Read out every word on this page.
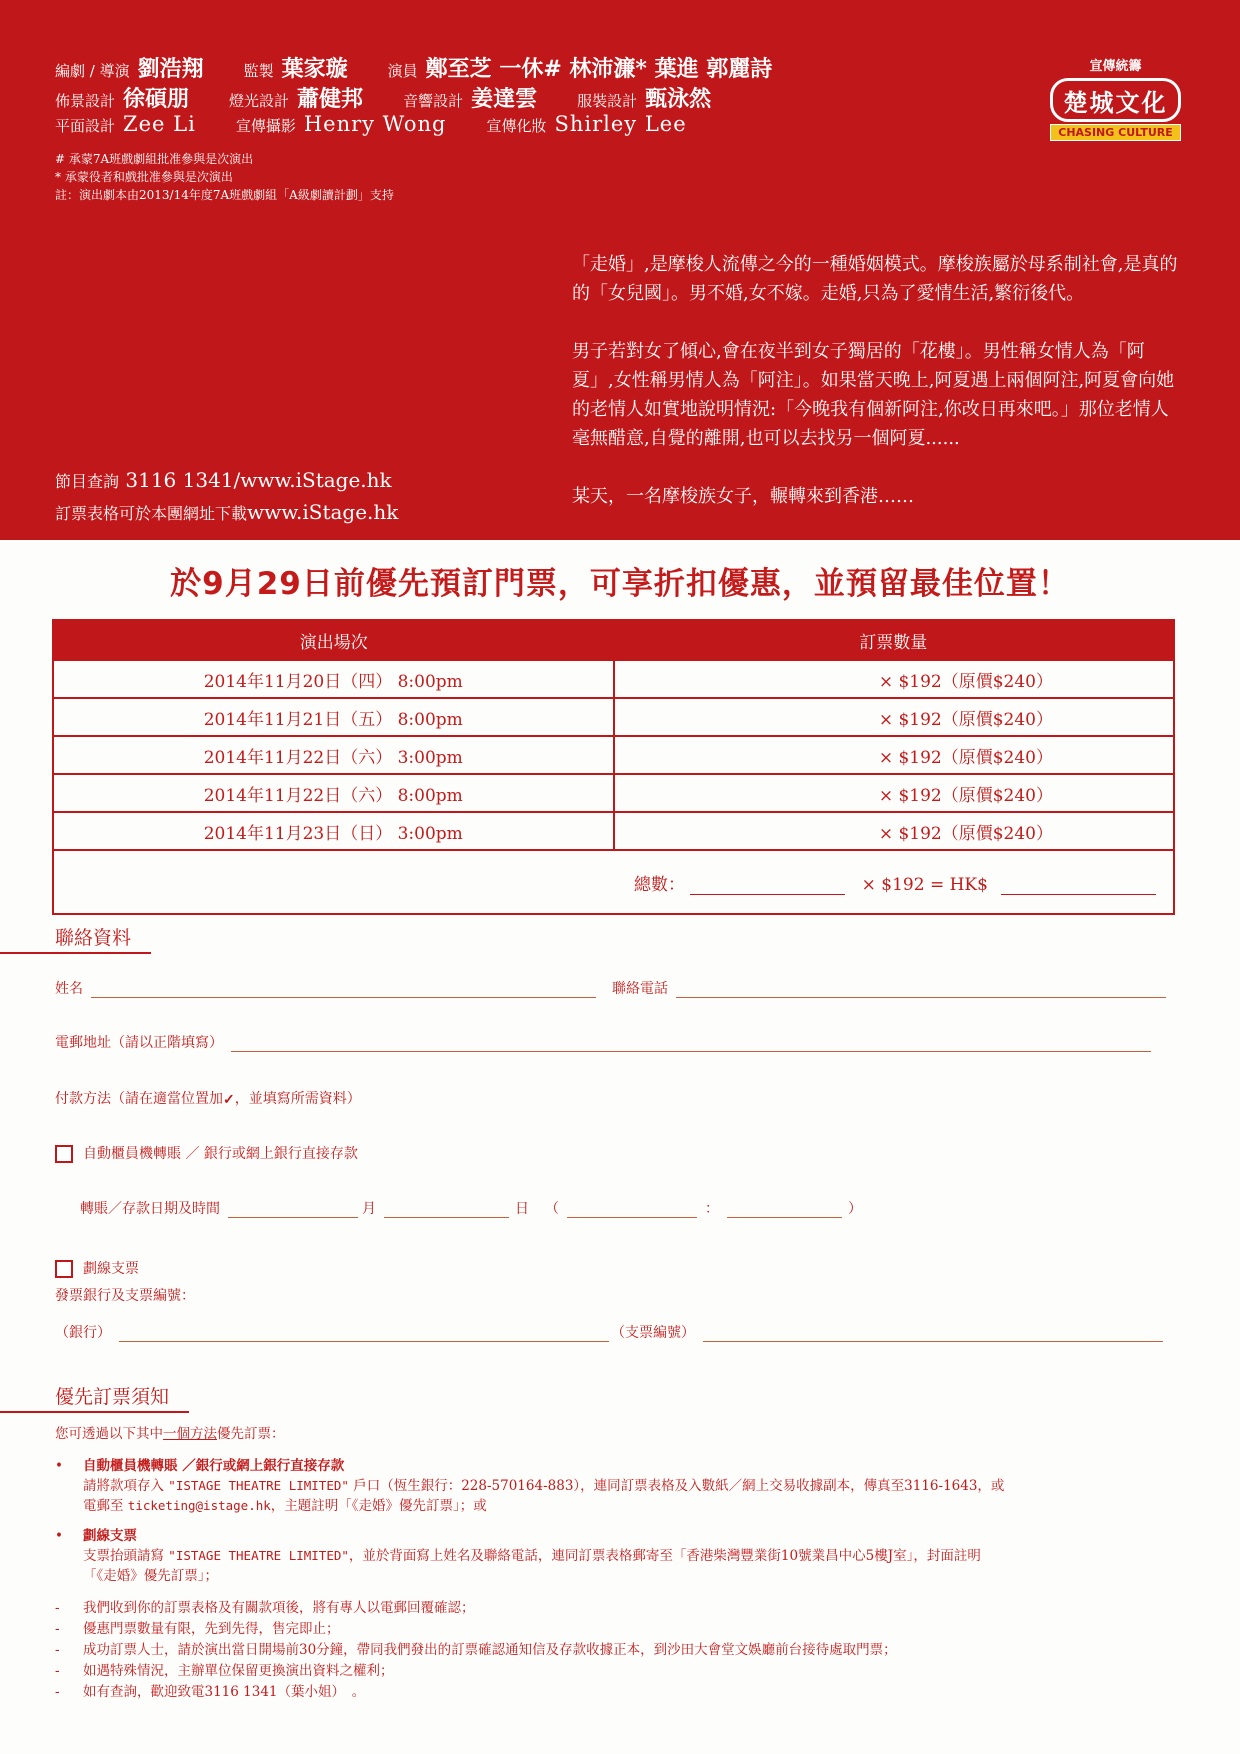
編劇 / 導演 劉浩翔	監製 葉家璇	演員 鄭至芝 一休# 林沛濂* 葉進 郭麗詩
佈景設計 徐碩朋	燈光設計 蕭健邦	音響設計 姜達雲	服裝設計 甄泳然
平面設計 Zee Li	宣傳攝影 Henry Wong	宣傳化妝 Shirley Lee
# 承蒙7A班戲劇組批准參與是次演出
* 承蒙役者和戲批准參與是次演出
註：演出劇本由2013/14年度7A班戲劇組「A級劇讀計劃」支持
宣傳統籌
楚城文化
CHASING CULTURE

「走婚」,是摩梭人流傳之今的一種婚姻模式。摩梭族屬於母系制社會,是真的的「女兒國」。男不婚,女不嫁。走婚,只為了愛情生活,繁衍後代。

男子若對女了傾心,會在夜半到女子獨居的「花樓」。男性稱女情人為「阿夏」,女性稱男情人為「阿注」。如果當天晚上,阿夏遇上兩個阿注,阿夏會向她的老情人如實地說明情況:「今晚我有個新阿注,你改日再來吧。」那位老情人毫無醋意,自覺的離開,也可以去找另一個阿夏......

某天，一名摩梭族女子，輾轉來到香港……

節目查詢 3116 1341/www.iStage.hk
訂票表格可於本團網址下載www.iStage.hk
於9月29日前優先預訂門票，可享折扣優惠，並預留最佳位置！
演出場次	訂票數量
2014年11月20日（四） 8:00pm	× $192（原價$240）
2014年11月21日（五） 8:00pm	× $192（原價$240）
2014年11月22日（六） 3:00pm	× $192（原價$240）
2014年11月22日（六） 8:00pm	× $192（原價$240）
2014年11月23日（日） 3:00pm	× $192（原價$240）
總數： × $192 = HK$	
聯絡資料
姓名	聯絡電話
電郵地址（請以正階填寫）
付款方法（請在適當位置加 ✓ ，並填寫所需資料）
自動櫃員機轉賬 ／ 銀行或網上銀行直接存款
轉賬／存款日期及時間	月	日 （	：	）
劃線支票
發票銀行及支票編號：
（銀行）	（支票編號）
優先訂票須知
您可透過以下其中一個方法優先訂票：
• 自動櫃員機轉賬 ／銀行或網上銀行直接存款
請將款項存入 "ISTAGE THEATRE LIMITED" 戶口（恆生銀行：228-570164-883），連同訂票表格及入數紙／網上交易收據副本，傳真至3116-1643，或
電郵至 ticketing@istage.hk，主題註明「《走婚》優先訂票」；或
• 劃線支票
支票抬頭請寫 "ISTAGE THEATRE LIMITED"，並於背面寫上姓名及聯絡電話，連同訂票表格郵寄至「香港柴灣豐業街10號業昌中心5樓J室」，封面註明
「《走婚》優先訂票」；
-	我們收到你的訂票表格及有關款項後，將有專人以電郵回覆確認；
-	優惠門票數量有限，先到先得，售完即止；
-	成功訂票人士，請於演出當日開場前30分鐘，帶同我們發出的訂票確認通知信及存款收據正本，到沙田大會堂文娛廳前台接待處取門票；
-	如遇特殊情況，主辦單位保留更換演出資料之權利；
-	如有查詢，歡迎致電3116 1341（葉小姐）　。
